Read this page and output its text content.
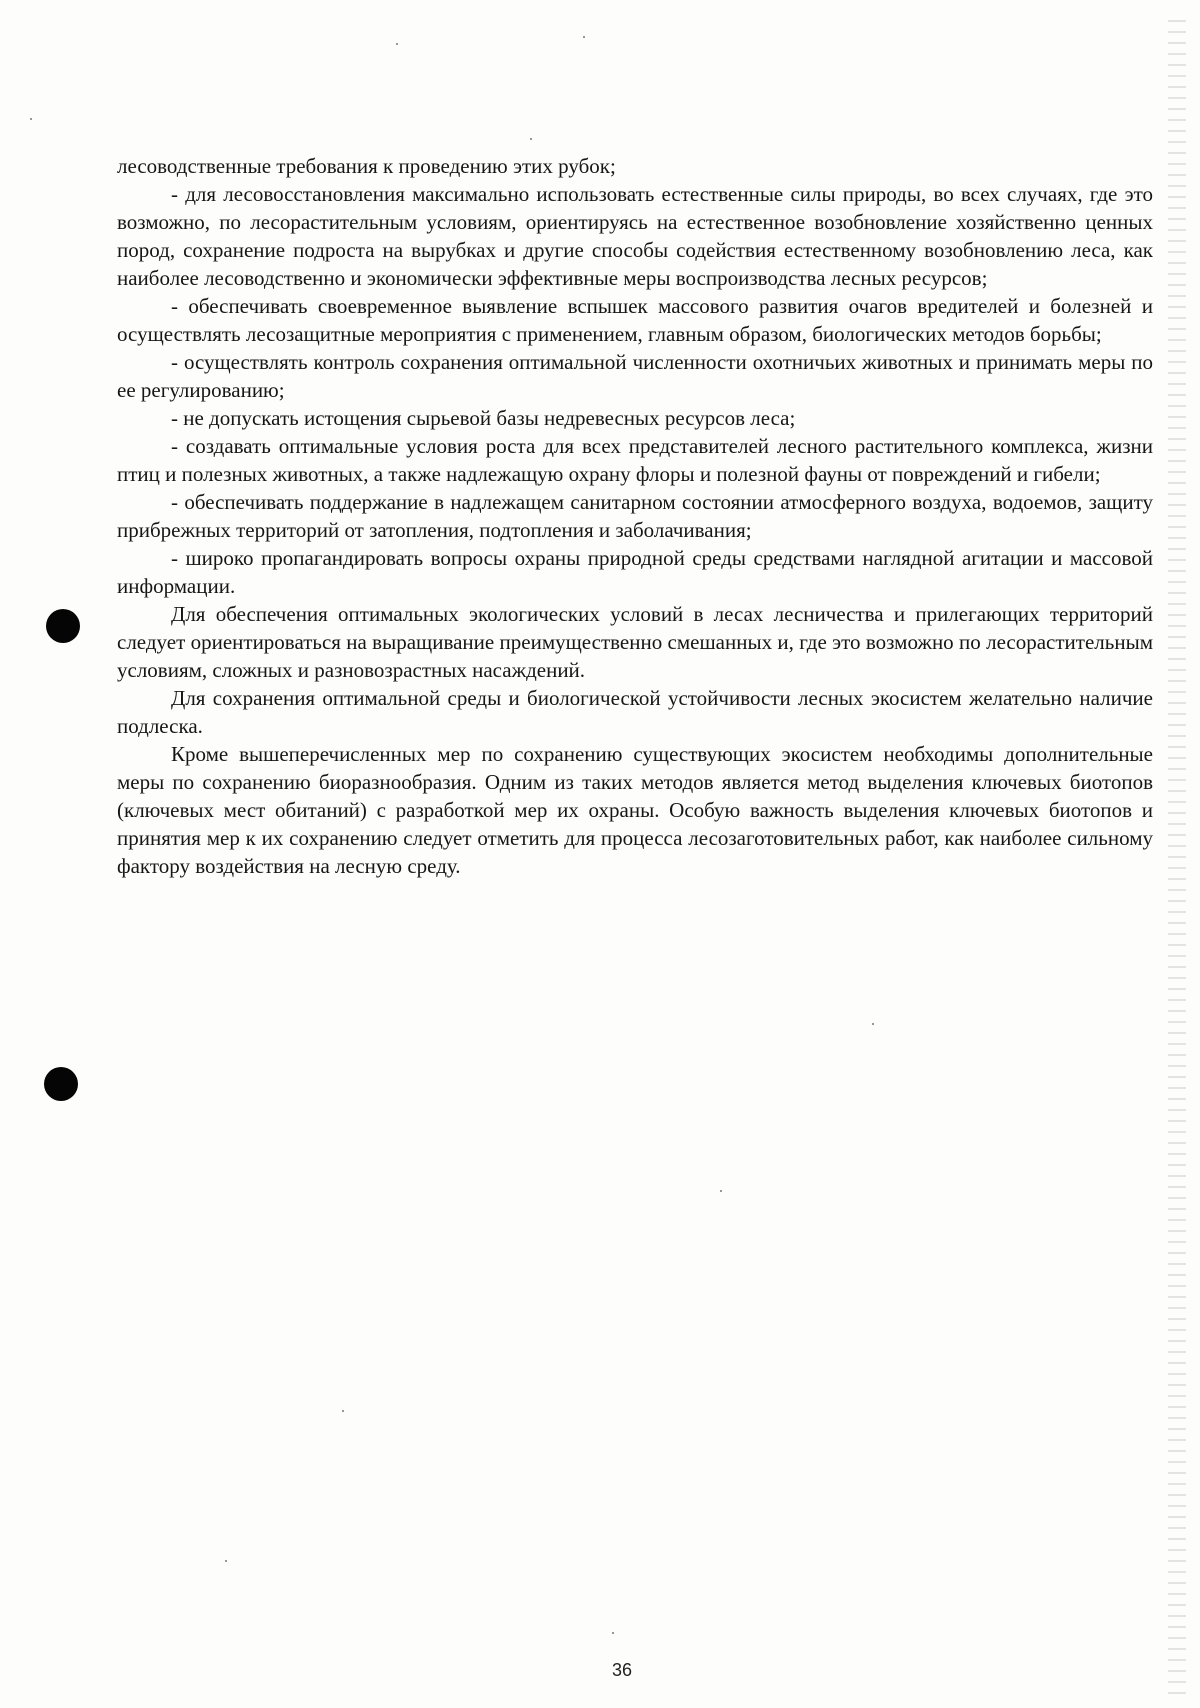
лесоводственные требования к проведению этих рубок;

- для лесовосстановления максимально использовать естественные силы природы, во всех случаях, где это возможно, по лесорастительным условиям, ориентируясь на естественное возобновление хозяйственно ценных пород, сохранение подроста на вырубках и другие способы содействия естественному возобновлению леса, как наиболее лесоводственно и экономически эффективные меры воспроизводства лесных ресурсов;

- обеспечивать своевременное выявление вспышек массового развития очагов вредителей и болезней и осуществлять лесозащитные мероприятия с применением, главным образом, биологических методов борьбы;

- осуществлять контроль сохранения оптимальной численности охотничьих животных и принимать меры по ее регулированию;

- не допускать истощения сырьевой базы недревесных ресурсов леса;

- создавать оптимальные условия роста для всех представителей лесного растительного комплекса, жизни птиц и полезных животных, а также надлежащую охрану флоры и полезной фауны от повреждений и гибели;

- обеспечивать поддержание в надлежащем санитарном состоянии атмосферного воздуха, водоемов, защиту прибрежных территорий от затопления, подтопления и заболачивания;

- широко пропагандировать вопросы охраны природной среды средствами наглядной агитации и массовой информации.

Для обеспечения оптимальных экологических условий в лесах лесничества и прилегающих территорий следует ориентироваться на выращивание преимущественно смешанных и, где это возможно по лесорастительным условиям, сложных и разновозрастных насаждений.

Для сохранения оптимальной среды и биологической устойчивости лесных экосистем желательно наличие подлеска.

Кроме вышеперечисленных мер по сохранению существующих экосистем необходимы дополнительные меры по сохранению биоразнообразия. Одним из таких методов является метод выделения ключевых биотопов (ключевых мест обитаний) с разработкой мер их охраны. Особую важность выделения ключевых биотопов и принятия мер к их сохранению следует отметить для процесса лесозаготовительных работ, как наиболее сильному фактору воздействия на лесную среду.

36
